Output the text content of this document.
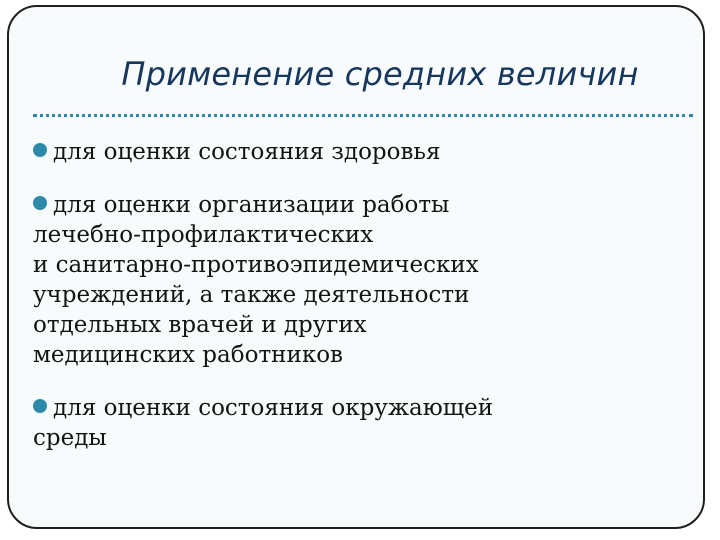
Применение средних величин
для оценки состояния здоровья
для оценки организации работы
лечебно-профилактических
и санитарно-противоэпидемических
учреждений, а также деятельности
отдельных врачей и других
медицинских работников
для оценки состояния окружающей
среды
